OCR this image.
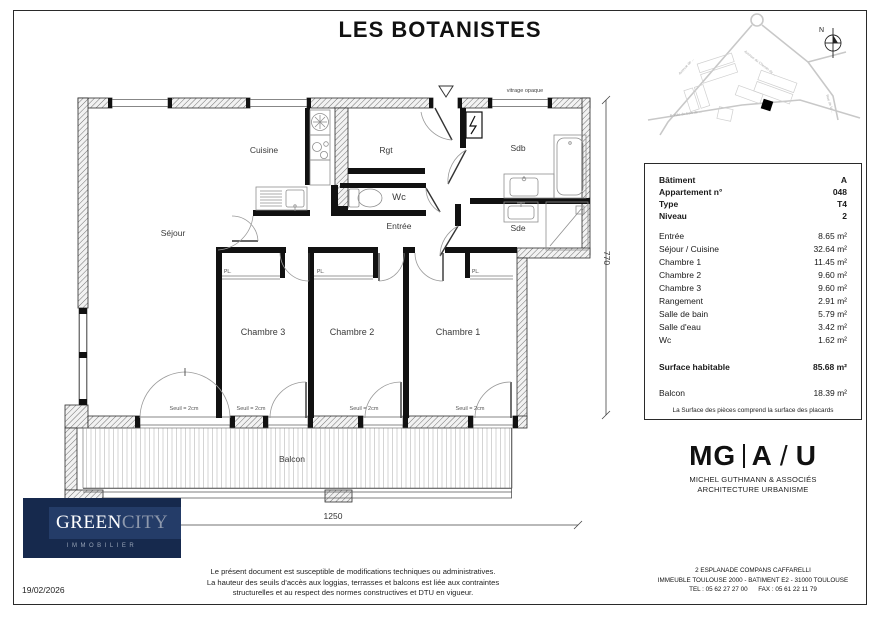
LES BOTANISTES
770
1250
Cuisine
Séjour
Rgt
Wc
Entrée
Sdb
Sde
Chambre 3	Chambre 2	Chambre 1
Balcon
PL.	PL.	PL.
Seuil = 2cm	Seuil = 2cm	Seuil = 2cm	Seuil = 2cm
vitrage opaque
Avenue du Chemin de ...
Avenue de ...
Ronde du bois de ...
Rue de la ...
N
Bâtiment	A
Appartement n°	048
Type	T4
Niveau	2
Entrée	8.65 m²
Séjour / Cuisine	32.64 m²
Chambre 1	11.45 m²
Chambre 2	9.60 m²
Chambre 3	9.60 m²
Rangement	2.91 m²
Salle de bain	5.79 m²
Salle d'eau	3.42 m²
Wc	1.62 m²
Surface habitable	85.68 m²
Balcon	18.39 m²
La Surface des pièces comprend la surface des placards
MG A / U
MICHEL GUTHMANN & ASSOCIÉS
ARCHITECTURE URBANISME
GREEN CITY
IMMOBILIER
2 ESPLANADE COMPANS CAFFARELLI
IMMEUBLE TOULOUSE 2000 - BATIMENT E2 - 31000 TOULOUSE
TEL : 05 62 27 27 00 FAX : 05 61 22 11 79
Le présent document est susceptible de modifications techniques ou administratives.
La hauteur des seuils d'accès aux loggias, terrasses et balcons est liée aux contraintes
structurelles et au respect des normes constructives et DTU en vigueur.
19/02/2026
